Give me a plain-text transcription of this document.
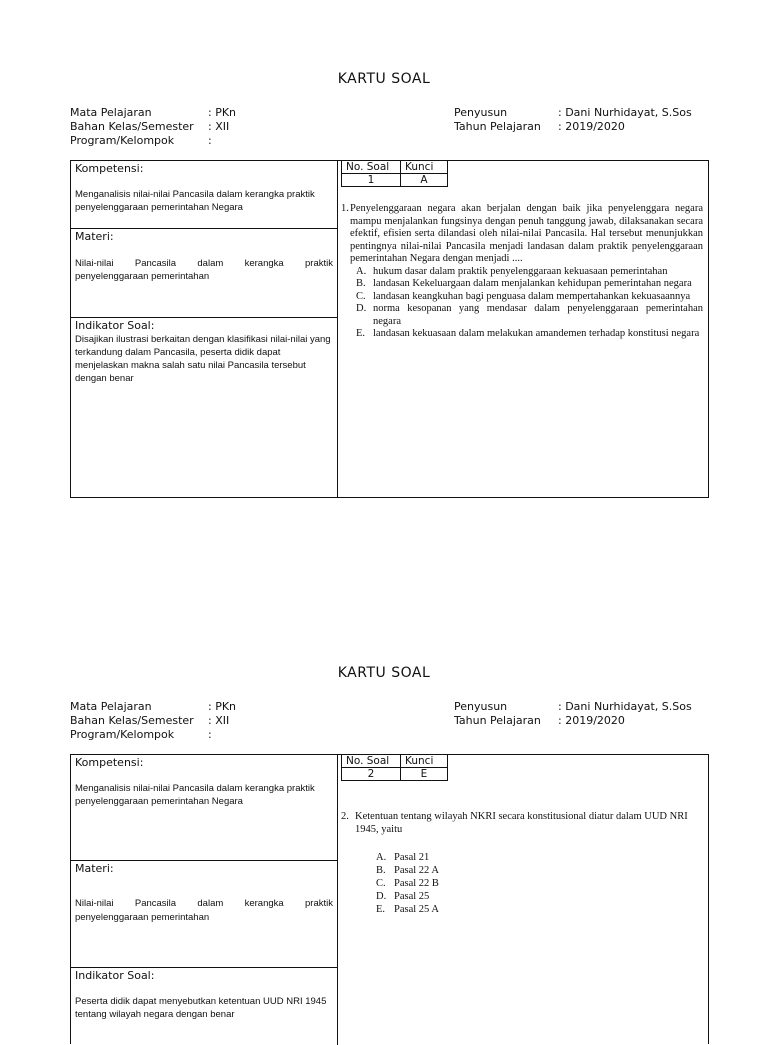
KARTU SOAL
Mata Pelajaran	: PKn
Bahan Kelas/Semester	: XII
Program/Kelompok	:
Penyusun	: Dani Nurhidayat, S.Sos
Tahun Pelajaran	: 2019/2020
Kompetensi:
Menganalisis nilai-nilai Pancasila dalam kerangka praktik penyelenggaraan pemerintahan Negara
Materi:
Nilai-nilai Pancasila dalam kerangka praktik
penyelenggaraan pemerintahan
Indikator Soal:
Disajikan ilustrasi berkaitan dengan klasifikasi nilai-nilai yang terkandung dalam Pancasila, peserta didik dapat menjelaskan makna salah satu nilai Pancasila tersebut dengan benar
No. Soal	Kunci
1	A
1. Penyelenggaraan negara akan berjalan dengan baik jika penyelenggara negara mampu menjalankan fungsinya dengan penuh tanggung jawab, dilaksanakan secara efektif, efisien serta dilandasi oleh nilai-nilai Pancasila. Hal tersebut menunjukkan pentingnya nilai-nilai Pancasila menjadi landasan dalam praktik penyelenggaraan pemerintahan Negara dengan menjadi ....
A. hukum dasar dalam praktik penyelenggaraan kekuasaan pemerintahan
B. landasan Kekeluargaan dalam menjalankan kehidupan pemerintahan negara
C. landasan keangkuhan bagi penguasa dalam mempertahankan kekuasaannya
D. norma kesopanan yang mendasar dalam penyelenggaraan pemerintahan negara
E. landasan kekuasaan dalam melakukan amandemen terhadap konstitusi negara
KARTU SOAL
Mata Pelajaran	: PKn
Bahan Kelas/Semester	: XII
Program/Kelompok	:
Penyusun	: Dani Nurhidayat, S.Sos
Tahun Pelajaran	: 2019/2020
Kompetensi:
Menganalisis nilai-nilai Pancasila dalam kerangka praktik penyelenggaraan pemerintahan Negara
Materi:
Nilai-nilai Pancasila dalam kerangka praktik
penyelenggaraan pemerintahan
Indikator Soal:
Peserta didik dapat menyebutkan ketentuan UUD NRI 1945 tentang wilayah negara dengan benar
No. Soal	Kunci
2	E
2. Ketentuan tentang wilayah NKRI secara konstitusional diatur dalam UUD NRI 1945, yaitu
A. Pasal 21
B. Pasal 22 A
C. Pasal 22 B
D. Pasal 25
E. Pasal 25 A
